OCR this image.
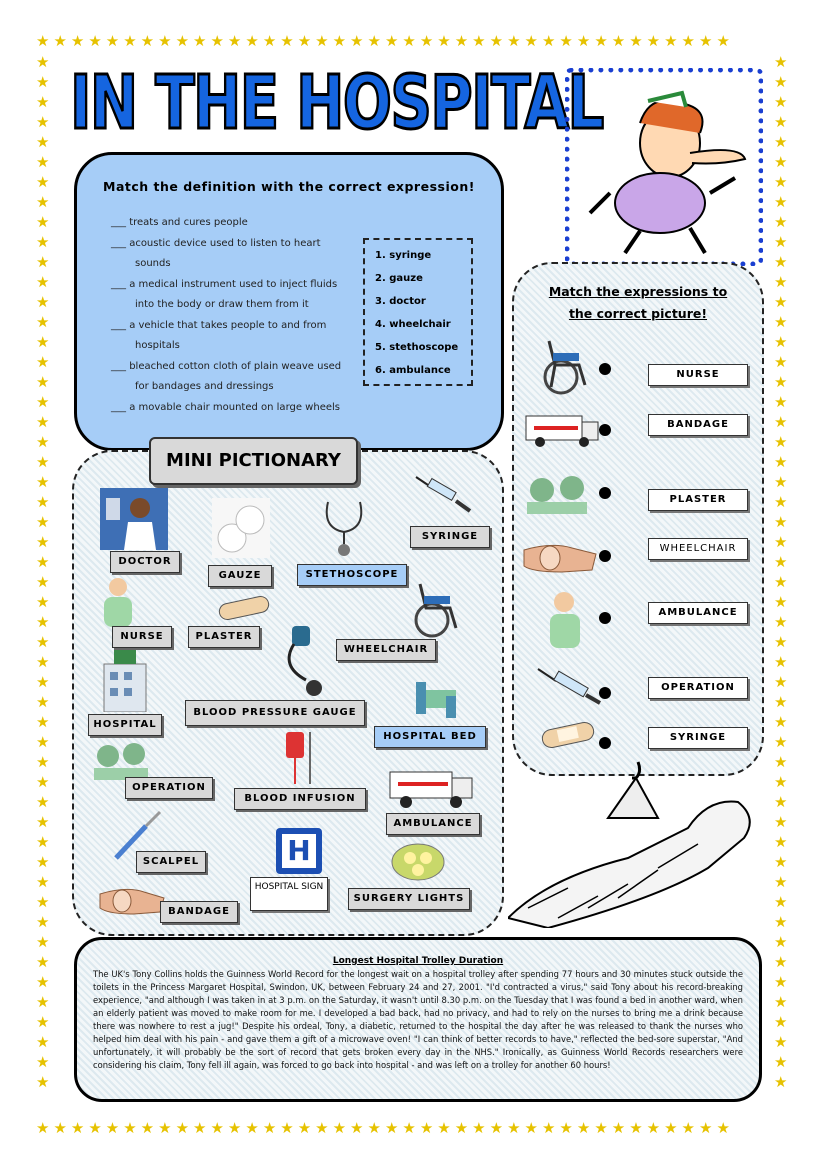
★★★★★★★★★★★★★★★★★★★★★★★★★★★★★★★★★★★★★★★★
★★★★★★★★★★★★★★★★★★★★★★★★★★★★★★★★★★★★★★★★
★★★★★★★★★★★★★★★★★★★★★★★★★★★★★★★★★★★★★★★★★★★★★★★★★★★★
★★★★★★★★★★★★★★★★★★★★★★★★★★★★★★★★★★★★★★★★★★★★★★★★★★★★
IN THE HOSPITAL
Match the definition with the correct expression!
___ treats and cures people
___ acoustic device used to listen to heart
sounds
___ a medical instrument used to inject fluids
into the body or draw them from it
___ a vehicle that takes people to and from
hospitals
___ bleached cotton cloth of plain weave used
for bandages and dressings
___ a movable chair mounted on large wheels
1. syringe
2. gauze
3. doctor
4. wheelchair
5. stethoscope
6. ambulance
Match the expressions to
the correct picture!
NURSE
BANDAGE
PLASTER
WHEELCHAIR
AMBULANCE
OPERATION
SYRINGE
MINI PICTIONARY
DOCTOR
GAUZE	STETHOSCOPE
SYRINGE
NURSE	PLASTER
WHEELCHAIR
BLOOD PRESSURE GAUGE
HOSPITAL
HOSPITAL BED
OPERATION
BLOOD INFUSION
AMBULANCE
SCALPEL	H
HOSPITAL SIGN
SURGERY LIGHTS
BANDAGE
Longest Hospital Trolley Duration
The UK's Tony Collins holds the Guinness World Record for the longest wait on a hospital trolley after spending 77 hours and 30 minutes stuck outside the toilets in the Princess Margaret Hospital, Swindon, UK, between February 24 and 27, 2001. "I'd contracted a virus," said Tony about his record-breaking experience, "and although I was taken in at 3 p.m. on the Saturday, it wasn't until 8.30 p.m. on the Tuesday that I was found a bed in another ward, when an elderly patient was moved to make room for me. I developed a bad back, had no privacy, and had to rely on the nurses to bring me a drink because there was nowhere to rest a jug!" Despite his ordeal, Tony, a diabetic, returned to the hospital the day after he was released to thank the nurses who helped him deal with his pain - and gave them a gift of a microwave oven! "I can think of better records to have," reflected the bed-sore superstar, "And unfortunately, it will probably be the sort of record that gets broken every day in the NHS." Ironically, as Guinness World Records researchers were considering his claim, Tony fell ill again, was forced to go back into hospital - and was left on a trolley for another 60 hours!
